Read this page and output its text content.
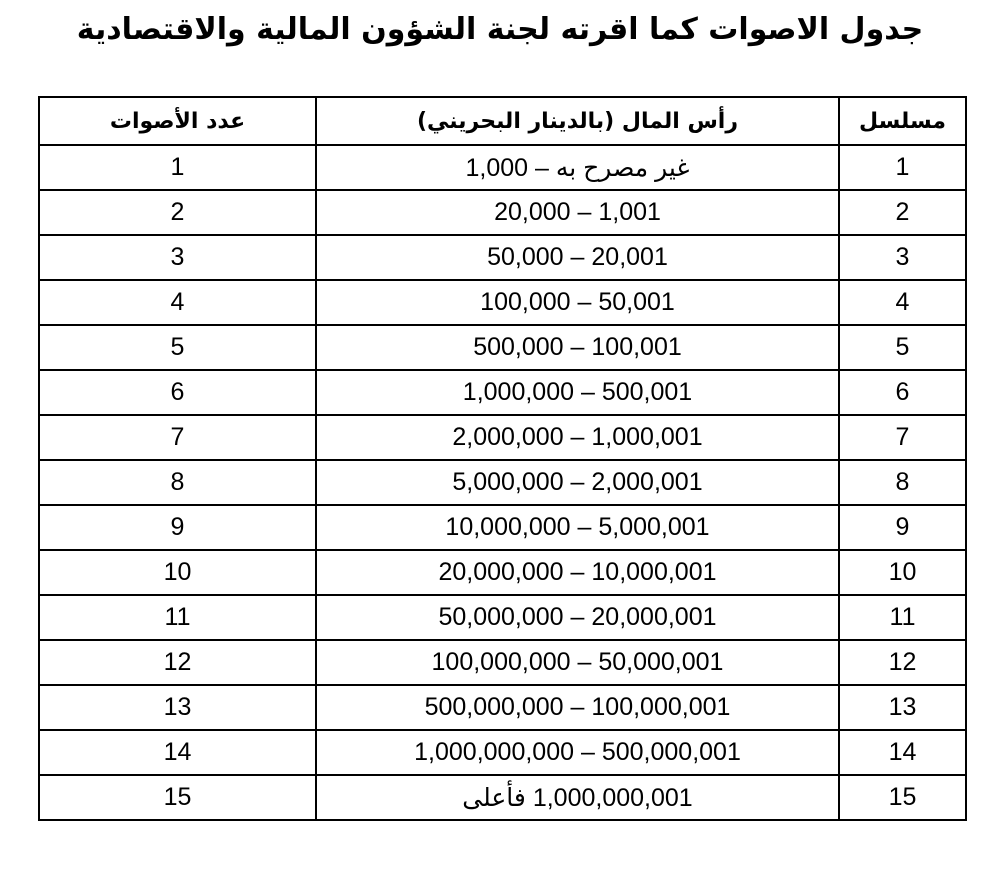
جدول الاصوات كما اقرته لجنة الشؤون المالية والاقتصادية
مسلسل	رأس المال (بالدينار البحريني)	عدد الأصوات
1	غير مصرح به – 1,000	1
2	1,001 – 20,000	2
3	20,001 – 50,000	3
4	50,001 – 100,000	4
5	100,001 – 500,000	5
6	500,001 – 1,000,000	6
7	1,000,001 – 2,000,000	7
8	2,000,001 – 5,000,000	8
9	5,000,001 – 10,000,000	9
10	10,000,001 – 20,000,000	10
11	20,000,001 – 50,000,000	11
12	50,000,001 – 100,000,000	12
13	100,000,001 – 500,000,000	13
14	500,000,001 – 1,000,000,000	14
15	1,000,000,001 فأعلى	15
